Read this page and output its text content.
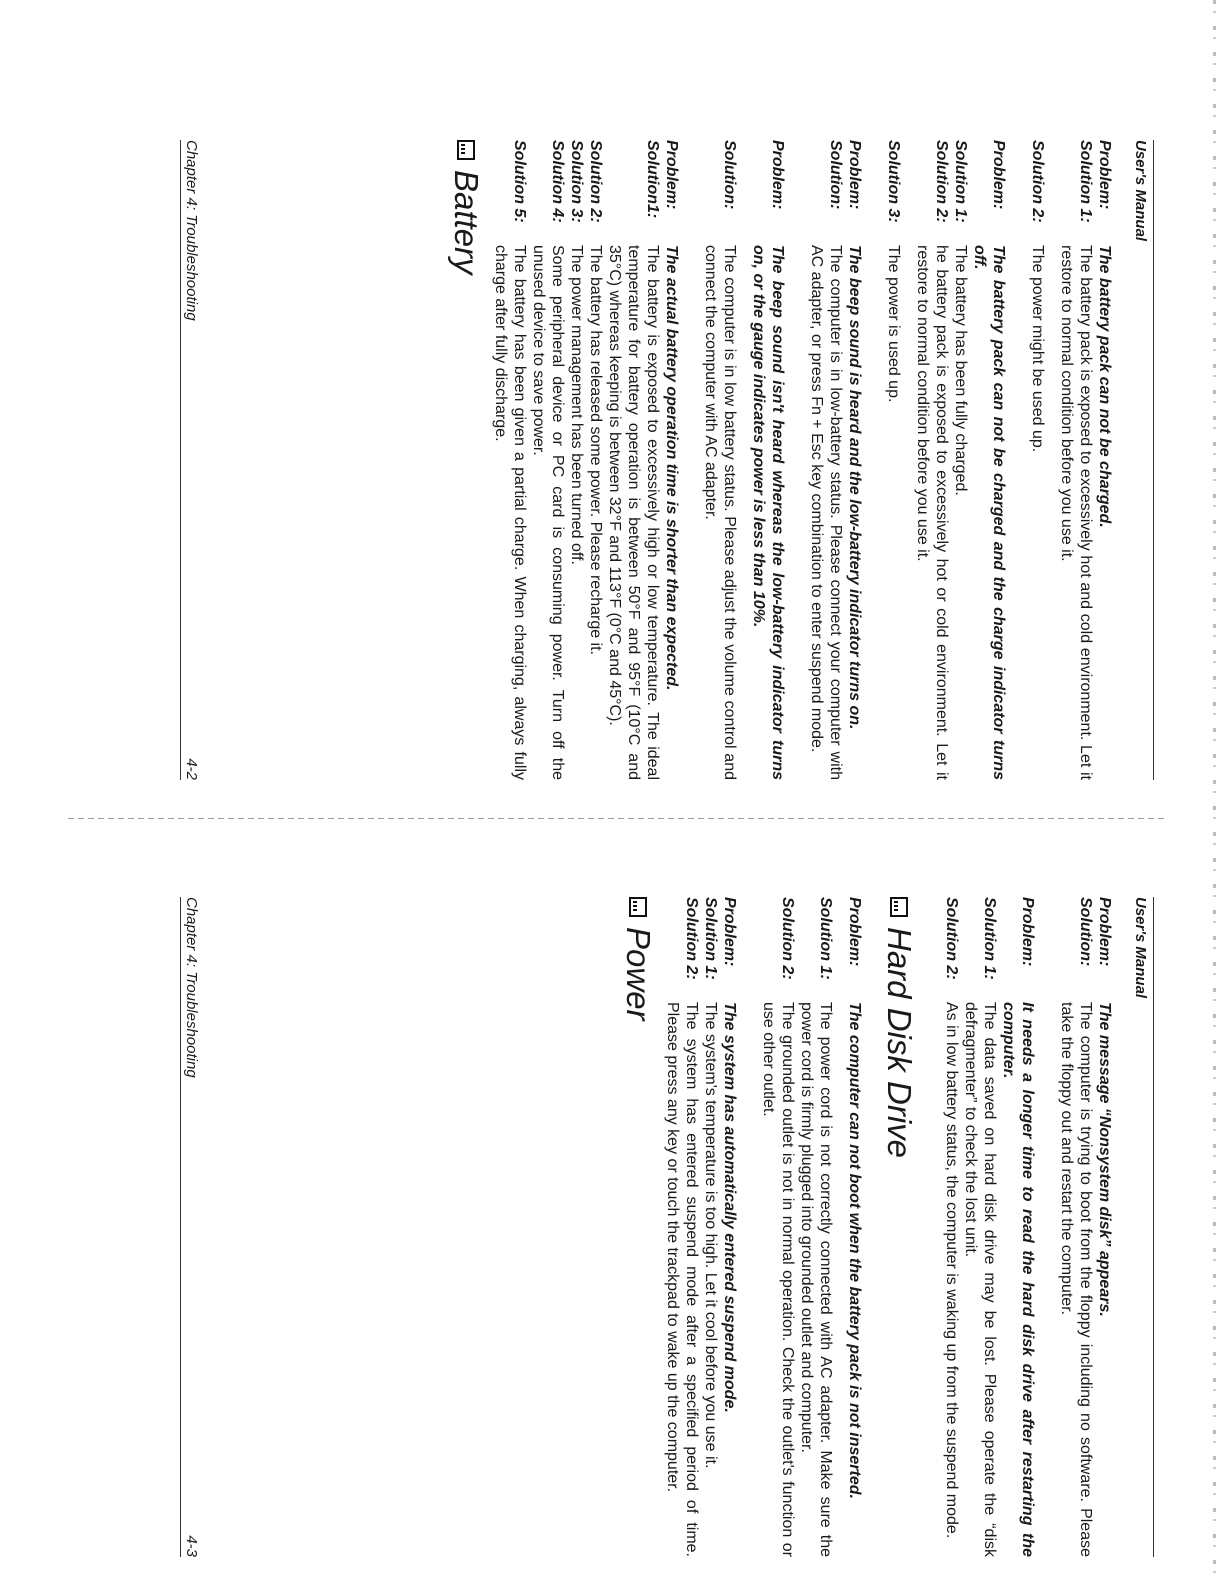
User's Manual
Battery	Problem:
The battery pack can not be charged.
Solution 1:
The battery pack is exposed to excessively hot and cold environment. Let it restore to normal condition before you use it.
Solution 2:
The power might be used up.
Problem:
The battery pack can not be charged and the charge indicator turns off.
Solution 1:
The battery has been fully charged.
Solution 2:
he battery pack is exposed to excessively hot or cold environment. Let it restore to normal condition before you use it.
Solution 3:
The power is used up.
Problem:
The beep sound is heard and the low-battery indicator turns on.
Solution:
The computer is in low-battery status. Please connect your computer with AC adapter, or press Fn + Esc key combination to enter suspend mode.
Problem:
The beep sound isn't heard whereas the low-battery indicator turns on, or the gauge indicates power is less than 10%.
Solution:
The computer is in low battery status. Please adjust the volume control and connect the computer with AC adapter.
Problem:
The actual battery operation time is shorter than expected.
Solution1:
The battery is exposed to excessively high or low temperature. The ideal temperature for battery operation is between 50°F and 95°F (10°C and 35°C) whereas keeping is between 32°F and 113°F (0°C and 45°C).
Solution 2:
The battery has released some power. Please recharge it.
Solution 3:
The power management has been turned off.
Solution 4:
Some peripheral device or PC card is consuming power. Turn off the unused device to save power.
Solution 5:
The battery has been given a partial charge. When charging, always fully charge after fully discharge.
Chapter 4: Troubleshooting
4-2
User's Manual
Power	Problem:
The computer can not boot when the battery pack is not inserted.
Solution 1:
The power cord is not correctly connected with AC adapter. Make sure the power cord is firmly plugged into grounded outlet and computer.
Solution 2:
The grounded outlet is not in normal operation. Check the outlet's function or use other outlet.
Problem:
The system has automatically entered suspend mode.
Solution 1:
The system's temperature is too high. Let it cool before you use it.
Solution 2:
The system has entered suspend mode after a specified period of time. Please press any key or touch the trackpad to wake up the computer.	Hard Disk Drive	Problem:
The message “Nonsystem disk” appears.
Solution:
The computer is trying to boot from the floppy including no software. Please take the floppy out and restart the computer.
Problem:
It needs a longer time to read the hard disk drive after restarting the computer.
Solution 1:
The data saved on hard disk drive may be lost. Please operate the “disk defragmenter” to check the lost unit.
Solution 2:
As in low battery status, the computer is waking up from the suspend mode.
Chapter 4: Troubleshooting
4-3
